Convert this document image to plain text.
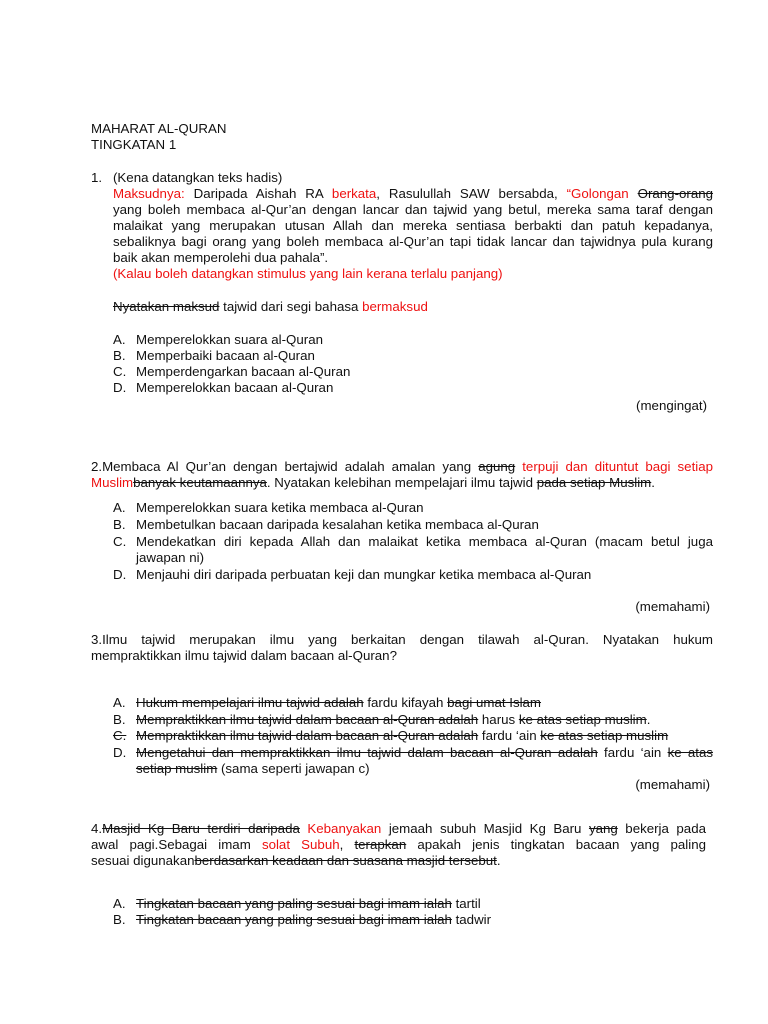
MAHARAT AL-QURAN
TINGKATAN 1
1. (Kena datangkan teks hadis)
Maksudnya: Daripada Aishah RA berkata, Rasulullah SAW bersabda, “Golongan Orang-orang
yang boleh membaca al-Qur’an dengan lancar dan tajwid yang betul, mereka sama taraf dengan
malaikat yang merupakan utusan Allah dan mereka sentiasa berbakti dan patuh kepadanya,
sebaliknya bagi orang yang boleh membaca al-Qur’an tapi tidak lancar dan tajwidnya pula kurang
baik akan memperolehi dua pahala”.
(Kalau boleh datangkan stimulus yang lain kerana terlalu panjang)
Nyatakan maksud tajwid dari segi bahasa bermaksud
A. Memperelokkan suara al-Quran
B. Memperbaiki bacaan al-Quran
C. Memperdengarkan bacaan al-Quran
D. Memperelokkan bacaan al-Quran
(mengingat)
2.Membaca Al Qur’an dengan bertajwid adalah amalan yang agung terpuji dan dituntut bagi setiap
Muslimbanyak keutamaannya. Nyatakan kelebihan mempelajari ilmu tajwid pada setiap Muslim.
A. Memperelokkan suara ketika membaca al-Quran
B. Membetulkan bacaan daripada kesalahan ketika membaca al-Quran
C. Mendekatkan diri kepada Allah dan malaikat ketika membaca al-Quran (macam betul juga
jawapan ni)
D. Menjauhi diri daripada perbuatan keji dan mungkar ketika membaca al-Quran
(memahami)
3.Ilmu tajwid merupakan ilmu yang berkaitan dengan tilawah al-Quran. Nyatakan hukum
mempraktikkan ilmu tajwid dalam bacaan al-Quran?
A. Hukum mempelajari ilmu tajwid adalah fardu kifayah bagi umat Islam
B. Mempraktikkan ilmu tajwid dalam bacaan al-Quran adalah harus ke atas setiap muslim.
C. Mempraktikkan ilmu tajwid dalam bacaan al-Quran adalah fardu ‘ain ke atas setiap muslim
D. Mengetahui dan mempraktikkan ilmu tajwid dalam bacaan al-Quran adalah fardu ‘ain ke atas
setiap muslim (sama seperti jawapan c)
(memahami)
4.Masjid Kg Baru terdiri daripada Kebanyakan jemaah subuh Masjid Kg Baru yang bekerja pada
awal pagi.Sebagai imam solat Subuh, terapkan apakah jenis tingkatan bacaan yang paling
sesuai digunakanberdasarkan keadaan dan suasana masjid tersebut.
A. Tingkatan bacaan yang paling sesuai bagi imam ialah tartil
B. Tingkatan bacaan yang paling sesuai bagi imam ialah tadwir
